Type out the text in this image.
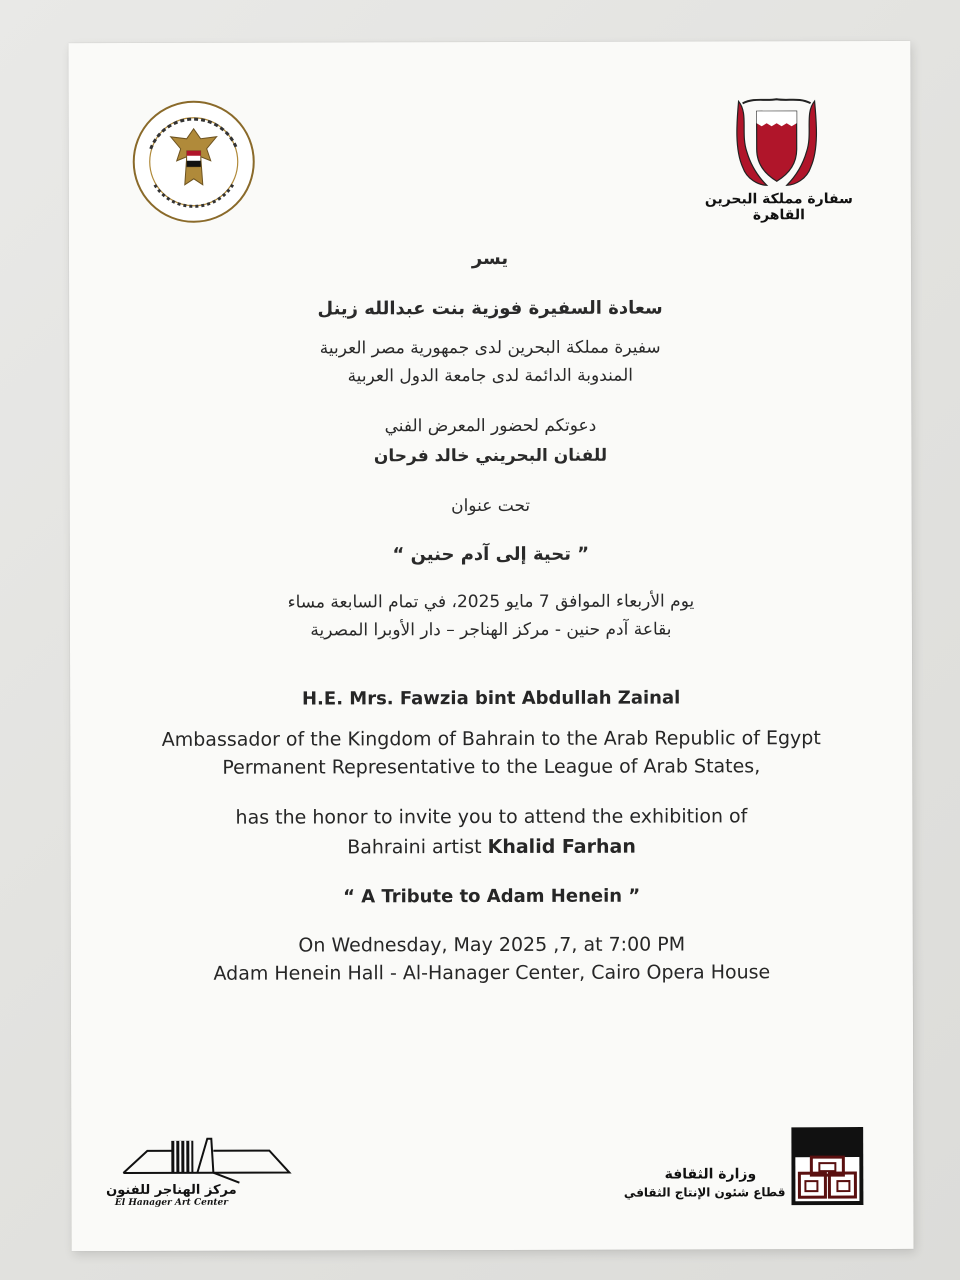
سفارة مملكة البحرين
القاهرة
يسر
سعادة السفيرة فوزية بنت عبدالله زينل
سفيرة مملكة البحرين لدى جمهورية مصر العربية
المندوبة الدائمة لدى جامعة الدول العربية
دعوتكم لحضور المعرض الفني
للفنان البحريني خالد فرحان
تحت عنوان
” تحية إلى آدم حنين “
يوم الأربعاء الموافق 7 مايو 2025، في تمام السابعة مساء
بقاعة آدم حنين - مركز الهناجر – دار الأوبرا المصرية
H.E. Mrs. Fawzia bint Abdullah Zainal
Ambassador of the Kingdom of Bahrain to the Arab Republic of Egypt
Permanent Representative to the League of Arab States,
has the honor to invite you to attend the exhibition of
Bahraini artist Khalid Farhan
“ A Tribute to Adam Henein ”
On Wednesday, May 2025 ,7, at 7:00 PM
Adam Henein Hall - Al-Hanager Center, Cairo Opera House
مركز الهناجر للفنون
El Hanager Art Center
وزارة الثقافة
قطاع شئون الإنتاج الثقافي
